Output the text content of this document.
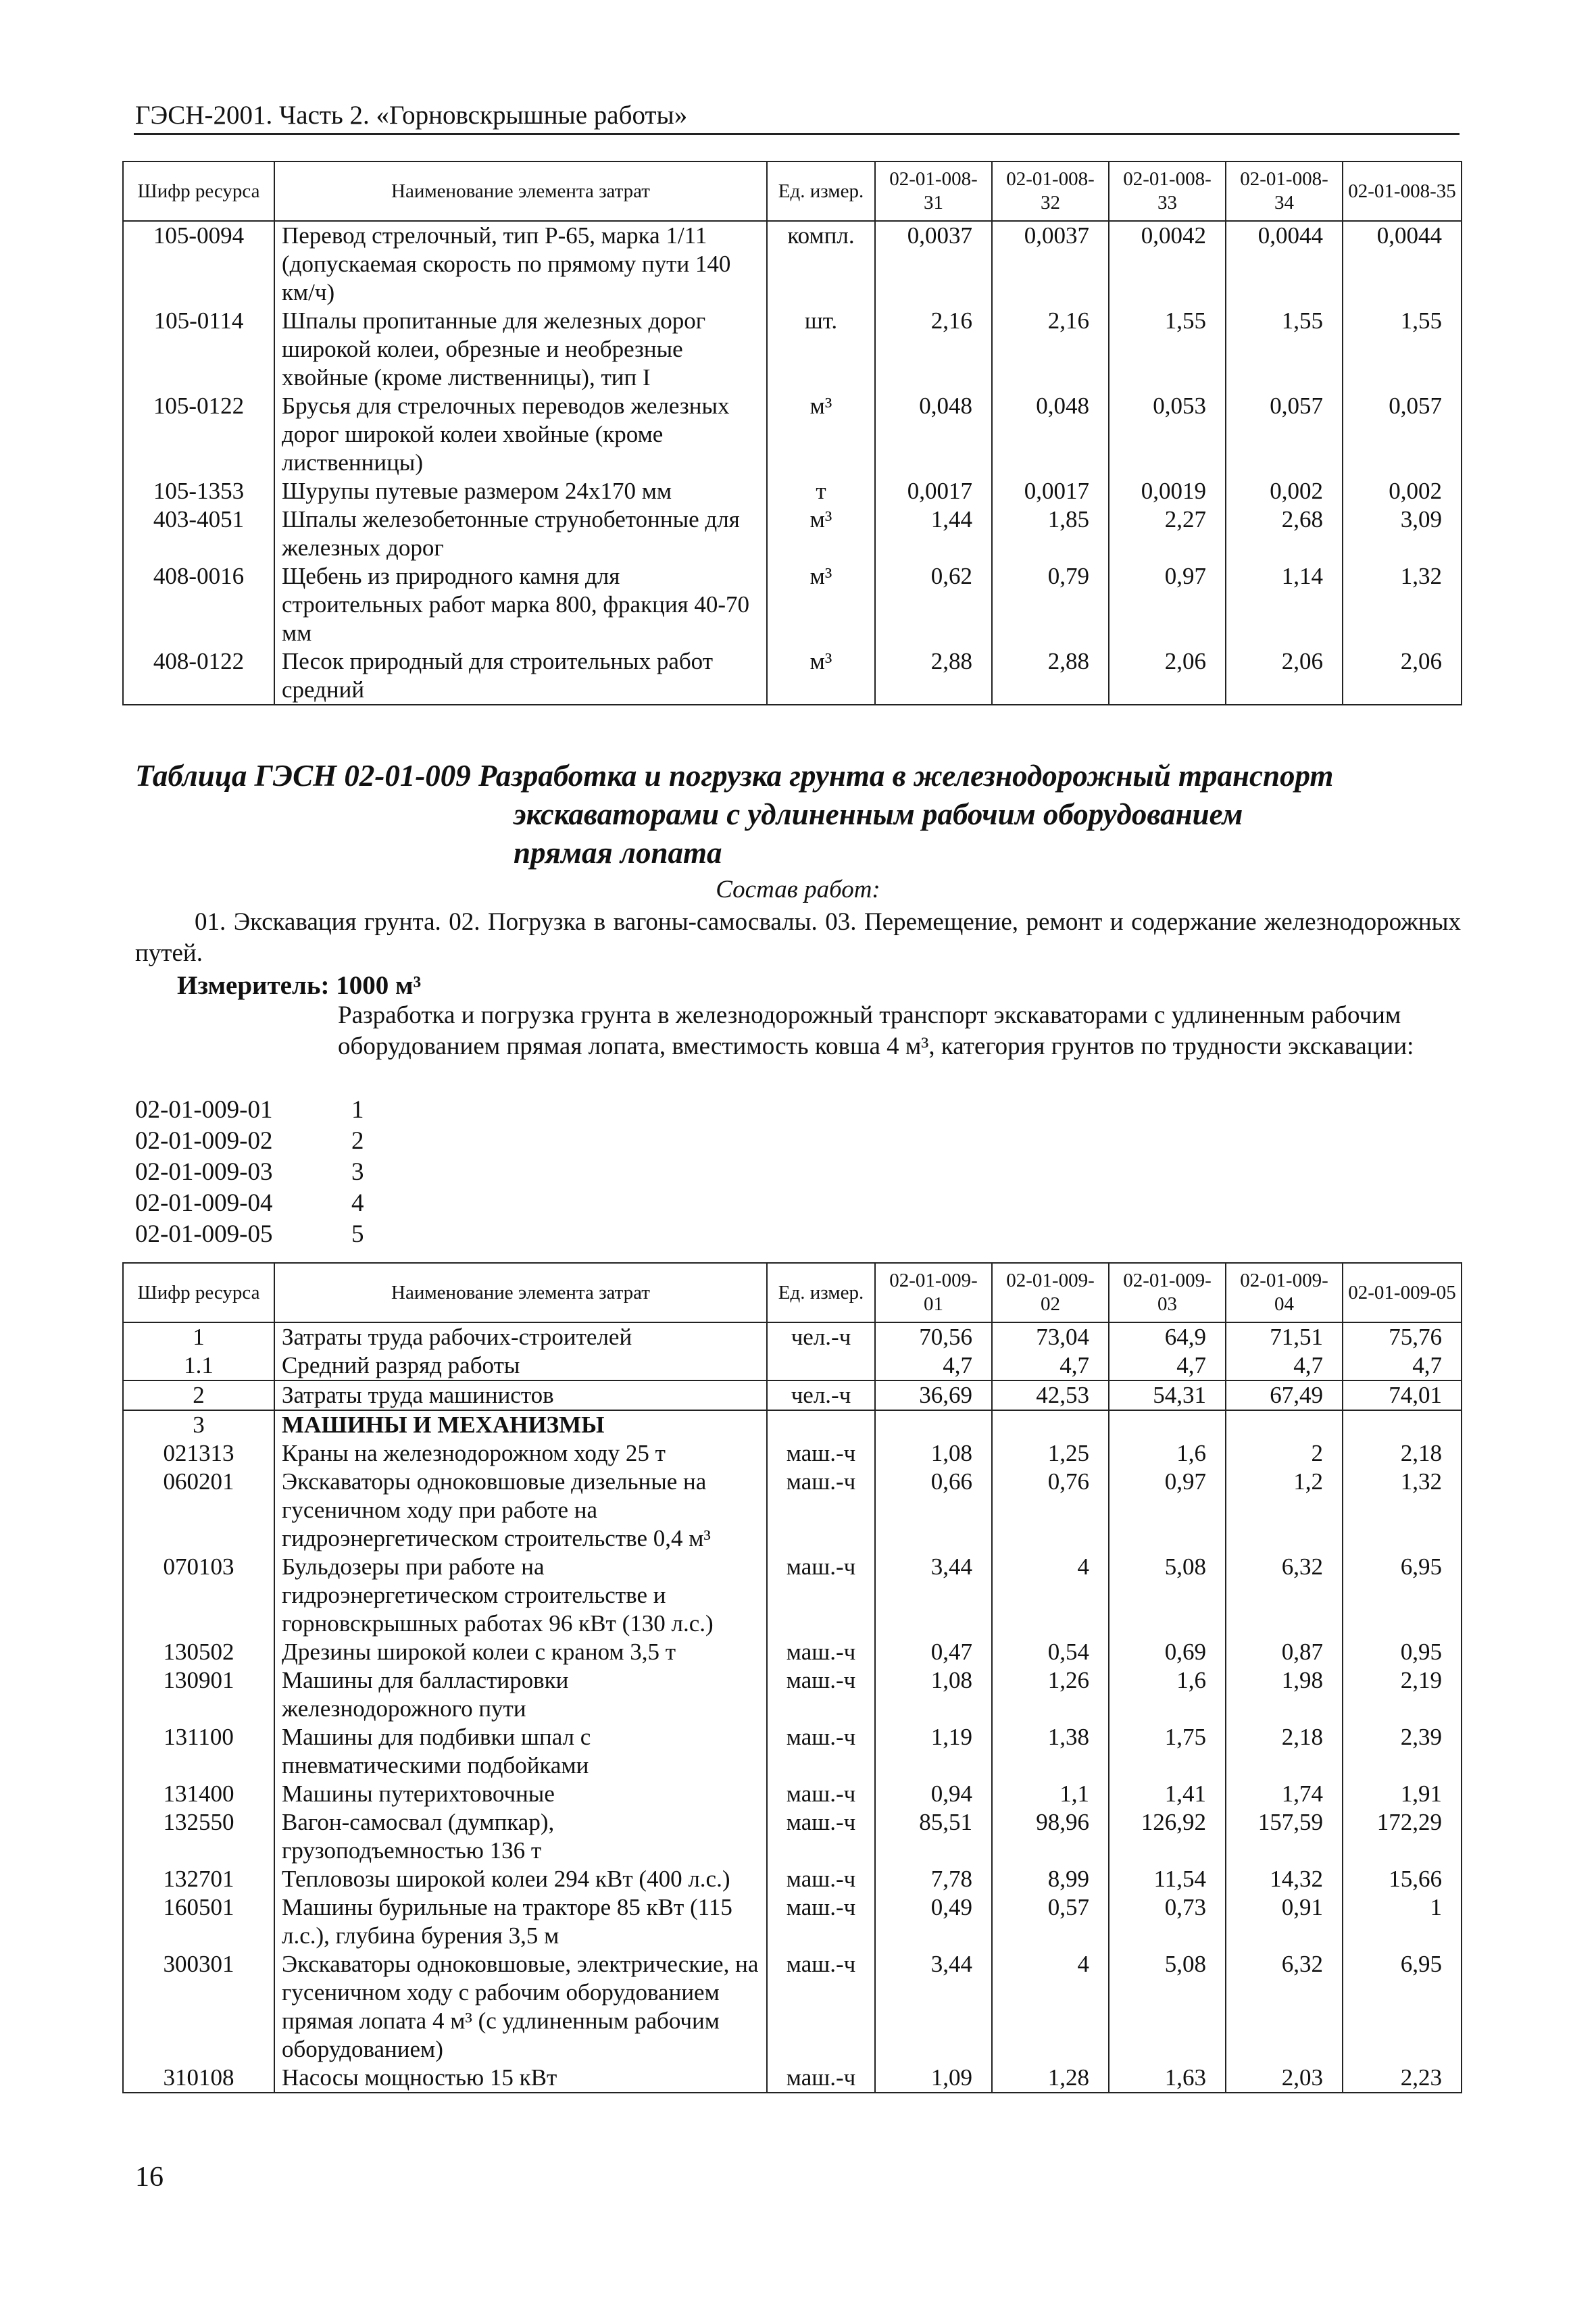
ГЭСН-2001. Часть 2. «Горновскрышные работы»
Шифр ресурса	Наименование элемента затрат	Ед. измер.	02-01-008-31	02-01-008-32	02-01-008-33	02-01-008-34	02-01-008-35
105-0094	Перевод стрелочный, тип Р-65, марка 1/11 (допускаемая скорость по прямому пути 140 км/ч)	компл.	0,0037	0,0037	0,0042	0,0044	0,0044
105-0114	Шпалы пропитанные для железных дорог широкой колеи, обрезные и необрезные хвойные (кроме лиственницы), тип I	шт.	2,16	2,16	1,55	1,55	1,55
105-0122	Брусья для стрелочных переводов железных дорог широкой колеи хвойные (кроме лиственницы)	м³	0,048	0,048	0,053	0,057	0,057
105-1353	Шурупы путевые размером 24х170 мм	т	0,0017	0,0017	0,0019	0,002	0,002
403-4051	Шпалы железобетонные струнобетонные для железных дорог	м³	1,44	1,85	2,27	2,68	3,09
408-0016	Щебень из природного камня для строительных работ марка 800, фракция 40-70 мм	м³	0,62	0,79	0,97	1,14	1,32
408-0122	Песок природный для строительных работ средний	м³	2,88	2,88	2,06	2,06	2,06
Таблица ГЭСН 02-01-009 Разработка и погрузка грунта в железнодорожный транспорт
экскаваторами с удлиненным рабочим оборудованием
прямая лопата
Состав работ:
01. Экскавация грунта. 02. Погрузка в вагоны-самосвалы. 03. Перемещение, ремонт и содержание железнодорожных путей.
Измеритель: 1000 м³
Разработка и погрузка грунта в железнодорожный транспорт экскаваторами с удлиненным рабочим оборудованием прямая лопата, вместимость ковша 4 м³, категория грунтов по трудности экскавации:
02-01-009-01	1
02-01-009-02	2
02-01-009-03	3
02-01-009-04	4
02-01-009-05	5
Шифр ресурса	Наименование элемента затрат	Ед. измер.	02-01-009-01	02-01-009-02	02-01-009-03	02-01-009-04	02-01-009-05
1	Затраты труда рабочих-строителей	чел.-ч	70,56	73,04	64,9	71,51	75,76
1.1	Средний разряд работы		4,7	4,7	4,7	4,7	4,7
2	Затраты труда машинистов	чел.-ч	36,69	42,53	54,31	67,49	74,01
3	МАШИНЫ И МЕХАНИЗМЫ						
021313	Краны на железнодорожном ходу 25 т	маш.-ч	1,08	1,25	1,6	2	2,18
060201	Экскаваторы одноковшовые дизельные на гусеничном ходу при работе на гидроэнергетическом строительстве 0,4 м³	маш.-ч	0,66	0,76	0,97	1,2	1,32
070103	Бульдозеры при работе на гидроэнергетическом строительстве и горновскрышных работах 96 кВт (130 л.с.)	маш.-ч	3,44	4	5,08	6,32	6,95
130502	Дрезины широкой колеи с краном 3,5 т	маш.-ч	0,47	0,54	0,69	0,87	0,95
130901	Машины для балластировки железнодорожного пути	маш.-ч	1,08	1,26	1,6	1,98	2,19
131100	Машины для подбивки шпал с пневматическими подбойками	маш.-ч	1,19	1,38	1,75	2,18	2,39
131400	Машины путерихтовочные	маш.-ч	0,94	1,1	1,41	1,74	1,91
132550	Вагон-самосвал (думпкар), грузоподъемностью 136 т	маш.-ч	85,51	98,96	126,92	157,59	172,29
132701	Тепловозы широкой колеи 294 кВт (400 л.с.)	маш.-ч	7,78	8,99	11,54	14,32	15,66
160501	Машины бурильные на тракторе 85 кВт (115 л.с.), глубина бурения 3,5 м	маш.-ч	0,49	0,57	0,73	0,91	1
300301	Экскаваторы одноковшовые, электрические, на гусеничном ходу с рабочим оборудованием прямая лопата 4 м³ (с удлиненным рабочим оборудованием)	маш.-ч	3,44	4	5,08	6,32	6,95
310108	Насосы мощностью 15 кВт	маш.-ч	1,09	1,28	1,63	2,03	2,23
16
